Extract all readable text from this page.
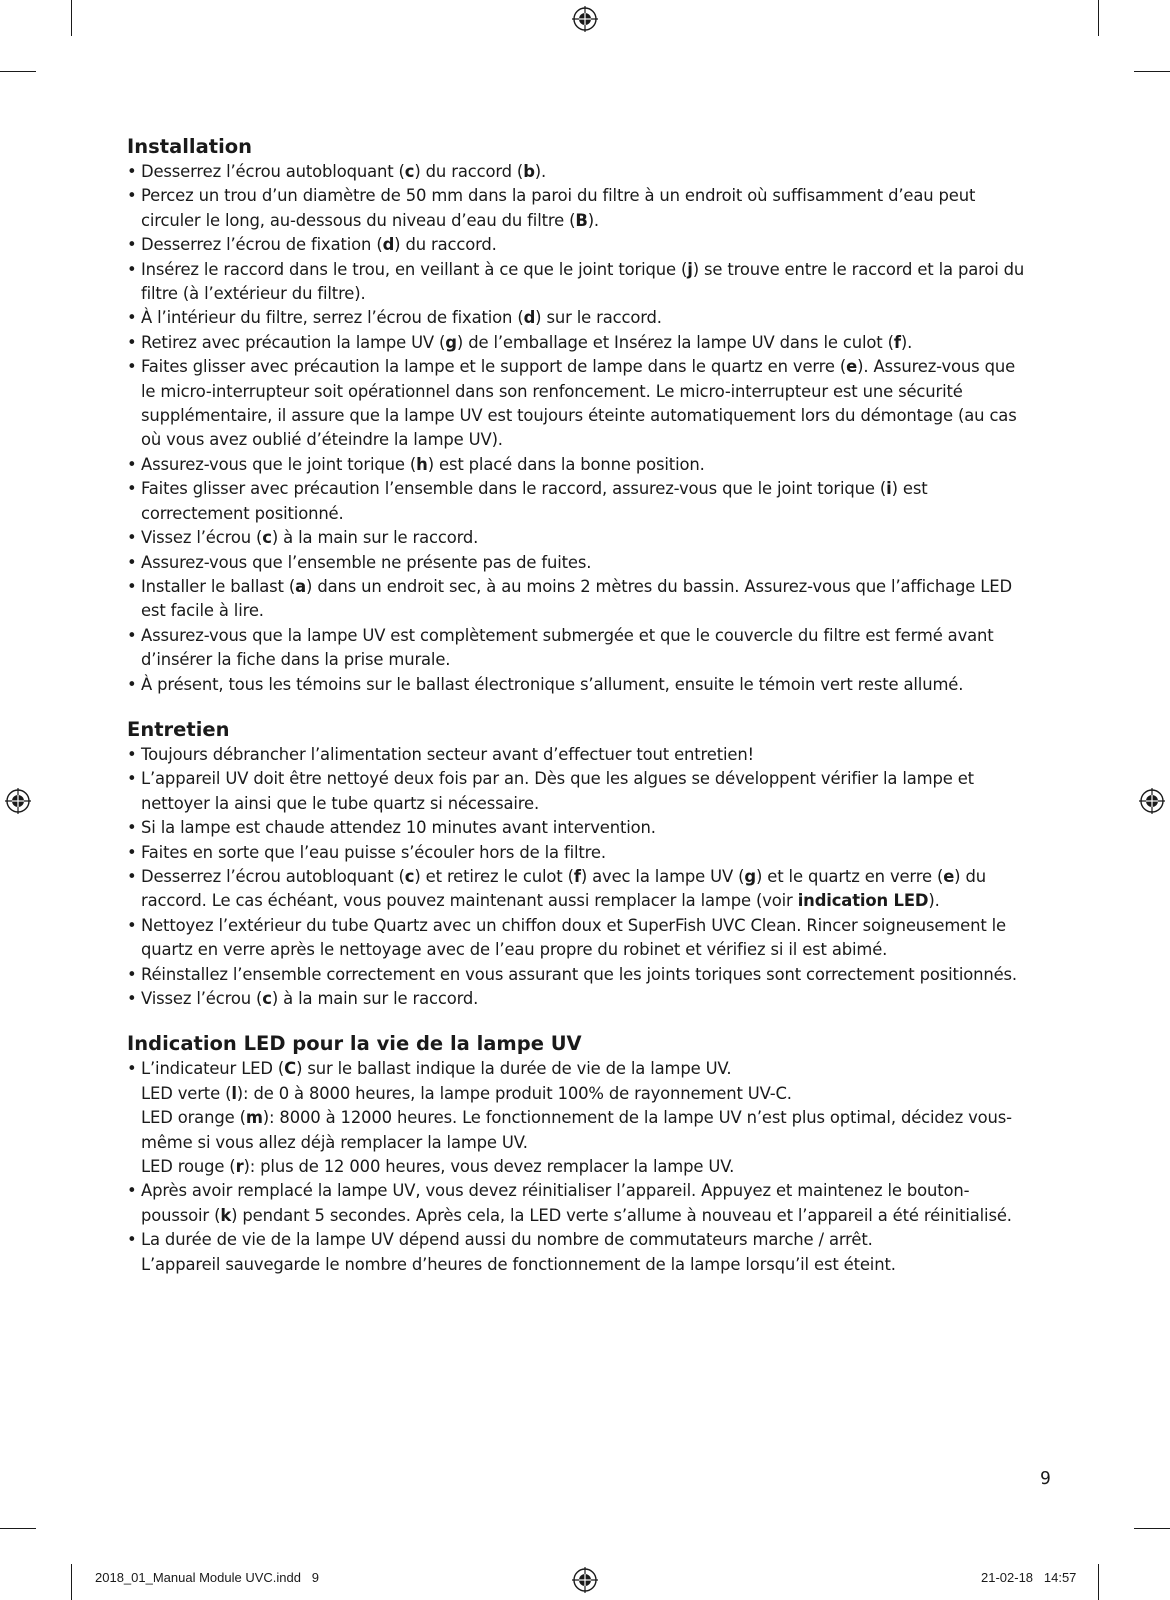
Installation
• Desserrez l’écrou autobloquant (c) du raccord (b).
• Percez un trou d’un diamètre de 50 mm dans la paroi du filtre à un endroit où suffisamment d’eau peut circuler le long, au-dessous du niveau d’eau du filtre (B).
• Desserrez l’écrou de fixation (d) du raccord.
• Insérez le raccord dans le trou, en veillant à ce que le joint torique (j) se trouve entre le raccord et la paroi du filtre (à l’extérieur du filtre).
• À l’intérieur du filtre, serrez l’écrou de fixation (d) sur le raccord.
• Retirez avec précaution la lampe UV (g) de l’emballage et Insérez la lampe UV dans le culot (f).
• Faites glisser avec précaution la lampe et le support de lampe dans le quartz en verre (e). Assurez-vous que le micro-interrupteur soit opérationnel dans son renfoncement. Le micro-interrupteur est une sécurité supplémentaire, il assure que la lampe UV est toujours éteinte automatiquement lors du démontage (au cas où vous avez oublié d’éteindre la lampe UV).
• Assurez-vous que le joint torique (h) est placé dans la bonne position.
• Faites glisser avec précaution l’ensemble dans le raccord, assurez-vous que le joint torique (i) est correctement positionné.
• Vissez l’écrou (c) à la main sur le raccord.
• Assurez-vous que l’ensemble ne présente pas de fuites.
• Installer le ballast (a) dans un endroit sec, à au moins 2 mètres du bassin. Assurez-vous que l’affichage LED est facile à lire.
• Assurez-vous que la lampe UV est complètement submergée et que le couvercle du filtre est fermé avant d’insérer la fiche dans la prise murale.
• À présent, tous les témoins sur le ballast électronique s’allument, ensuite le témoin vert reste allumé.
Entretien
• Toujours débrancher l’alimentation secteur avant d’effectuer tout entretien!
• L’appareil UV doit être nettoyé deux fois par an. Dès que les algues se développent vérifier la lampe et nettoyer la ainsi que le tube quartz si nécessaire.
• Si la lampe est chaude attendez 10 minutes avant intervention.
• Faites en sorte que l’eau puisse s’écouler hors de la filtre.
• Desserrez l’écrou autobloquant (c) et retirez le culot (f) avec la lampe UV (g) et le quartz en verre (e) du raccord. Le cas échéant, vous pouvez maintenant aussi remplacer la lampe (voir indication LED).
• Nettoyez l’extérieur du tube Quartz avec un chiffon doux et SuperFish UVC Clean. Rincer soigneusement le quartz en verre après le nettoyage avec de l’eau propre du robinet et vérifiez si il est abimé.
• Réinstallez l’ensemble correctement en vous assurant que les joints toriques sont correctement positionnés.
• Vissez l’écrou (c) à la main sur le raccord.
Indication LED pour la vie de la lampe UV
• L’indicateur LED (C) sur le ballast indique la durée de vie de la lampe UV.
LED verte (l): de 0 à 8000 heures, la lampe produit 100% de rayonnement UV-C.
LED orange (m): 8000 à 12000 heures. Le fonctionnement de la lampe UV n’est plus optimal, décidez vous-même si vous allez déjà remplacer la lampe UV.
LED rouge (r): plus de 12 000 heures, vous devez remplacer la lampe UV.
• Après avoir remplacé la lampe UV, vous devez réinitialiser l’appareil. Appuyez et maintenez le bouton-poussoir (k) pendant 5 secondes. Après cela, la LED verte s’allume à nouveau et l’appareil a été réinitialisé.
• La durée de vie de la lampe UV dépend aussi du nombre de commutateurs marche / arrêt.
L’appareil sauvegarde le nombre d’heures de fonctionnement de la lampe lorsqu’il est éteint.
9
2018_01_Manual Module UVC.indd   9	21-02-18   14:57
